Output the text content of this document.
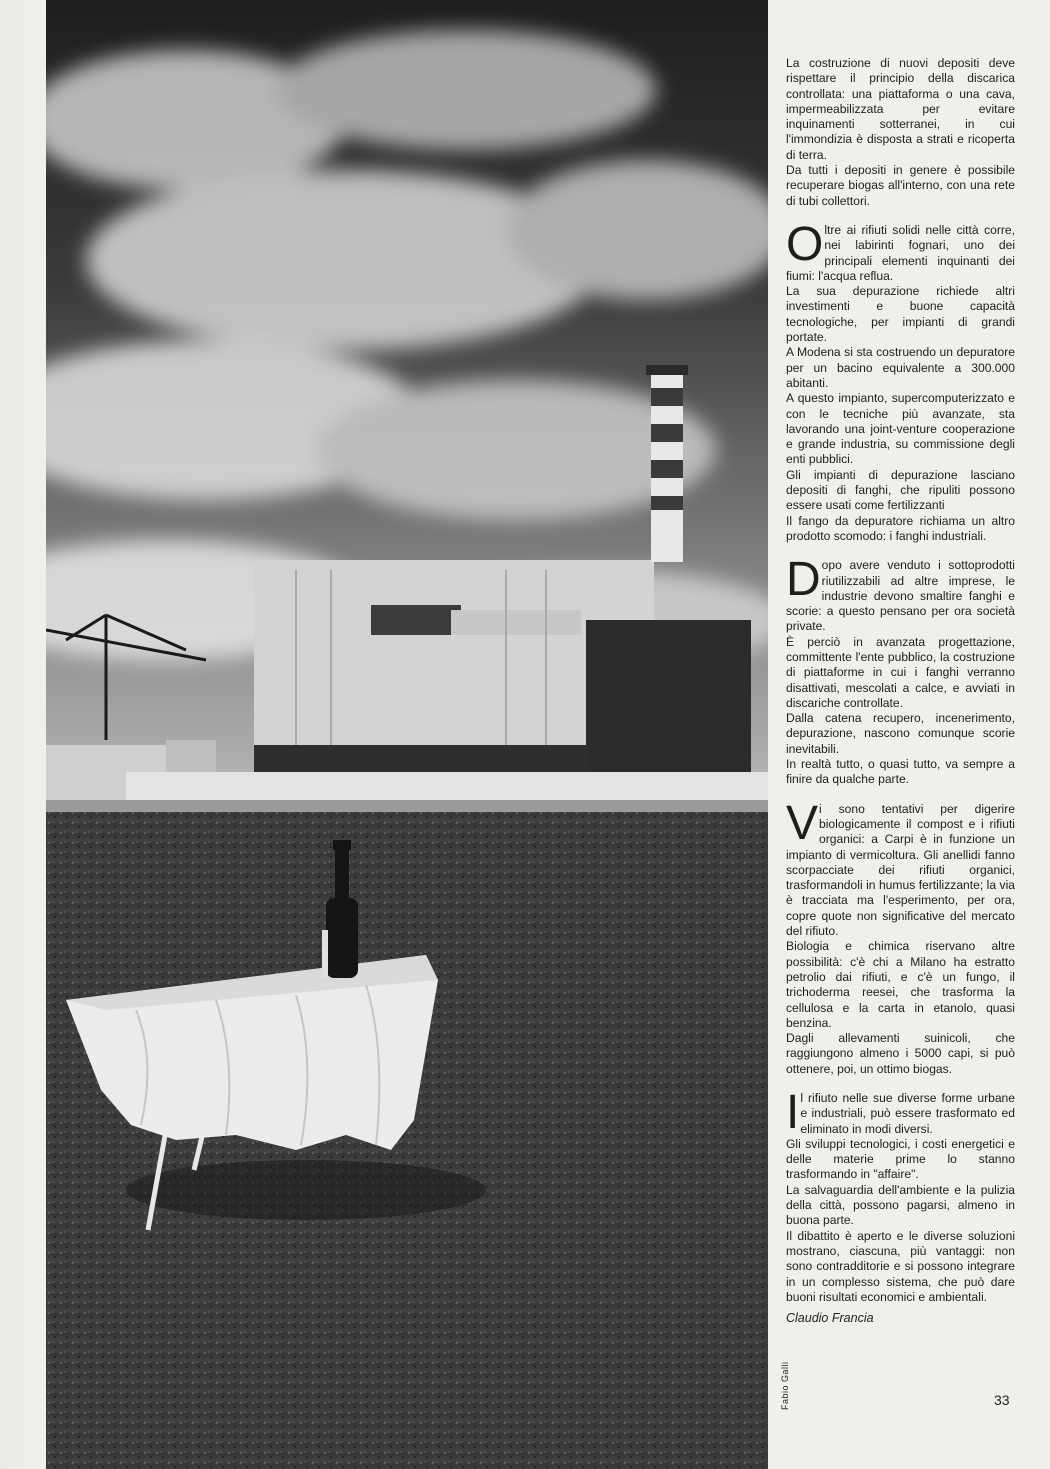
Fabio Galli

La costruzione di nuovi depositi deve rispettare il principio della discarica controllata: una piattaforma o una cava, impermeabilizzata per evitare inquinamenti sotterranei, in cui l'immondizia è disposta a strati e ricoperta di terra.

Da tutti i depositi in genere è possibile recuperare biogas all'interno, con una rete di tubi collettori.

Oltre ai rifiuti solidi nelle città corre, nei labirinti fognari, uno dei principali elementi inquinanti dei fiumi: l'acqua reflua.

La sua depurazione richiede altri investimenti e buone capacità tecnologiche, per impianti di grandi portate.

A Modena si sta costruendo un depuratore per un bacino equivalente a 300.000 abitanti.

A questo impianto, supercomputerizzato e con le tecniche più avanzate, sta lavorando una joint-venture cooperazione e grande industria, su commissione degli enti pubblici.

Gli impianti di depurazione lasciano depositi di fanghi, che ripuliti possono essere usati come fertilizzanti

Il fango da depuratore richiama un altro prodotto scomodo: i fanghi industriali.

Dopo avere venduto i sottoprodotti riutilizzabili ad altre imprese, le industrie devono smaltire fanghi e scorie: a questo pensano per ora società private.

È perciò in avanzata progettazione, committente l'ente pubblico, la costruzione di piattaforme in cui i fanghi verranno disattivati, mescolati a calce, e avviati in discariche controllate.

Dalla catena recupero, incenerimento, depurazione, nascono comunque scorie inevitabili.

In realtà tutto, o quasi tutto, va sempre a finire da qualche parte.

Vi sono tentativi per digerire biologicamente il compost e i rifiuti organici: a Carpi è in funzione un impianto di vermicoltura. Gli anellidi fanno scorpacciate dei rifiuti organici, trasformandoli in humus fertilizzante; la via è tracciata ma l'esperimento, per ora, copre quote non significative del mercato del rifiuto.

Biologia e chimica riservano altre possibilità: c'è chi a Milano ha estratto petrolio dai rifiuti, e c'è un fungo, il trichoderma reesei, che trasforma la cellulosa e la carta in etanolo, quasi benzina.

Dagli allevamenti suinicoli, che raggiungono almeno i 5000 capi, si può ottenere, poi, un ottimo biogas.

Il rifiuto nelle sue diverse forme urbane e industriali, può essere trasformato ed eliminato in modi diversi.

Gli sviluppi tecnologici, i costi energetici e delle materie prime lo stanno trasformando in "affaire".

La salvaguardia dell'ambiente e la pulizia della città, possono pagarsi, almeno in buona parte.

Il dibattito è aperto e le diverse soluzioni mostrano, ciascuna, più vantaggi: non sono contradditorie e si possono integrare in un complesso sistema, che può dare buoni risultati economici e ambientali.

Claudio Francia
33
